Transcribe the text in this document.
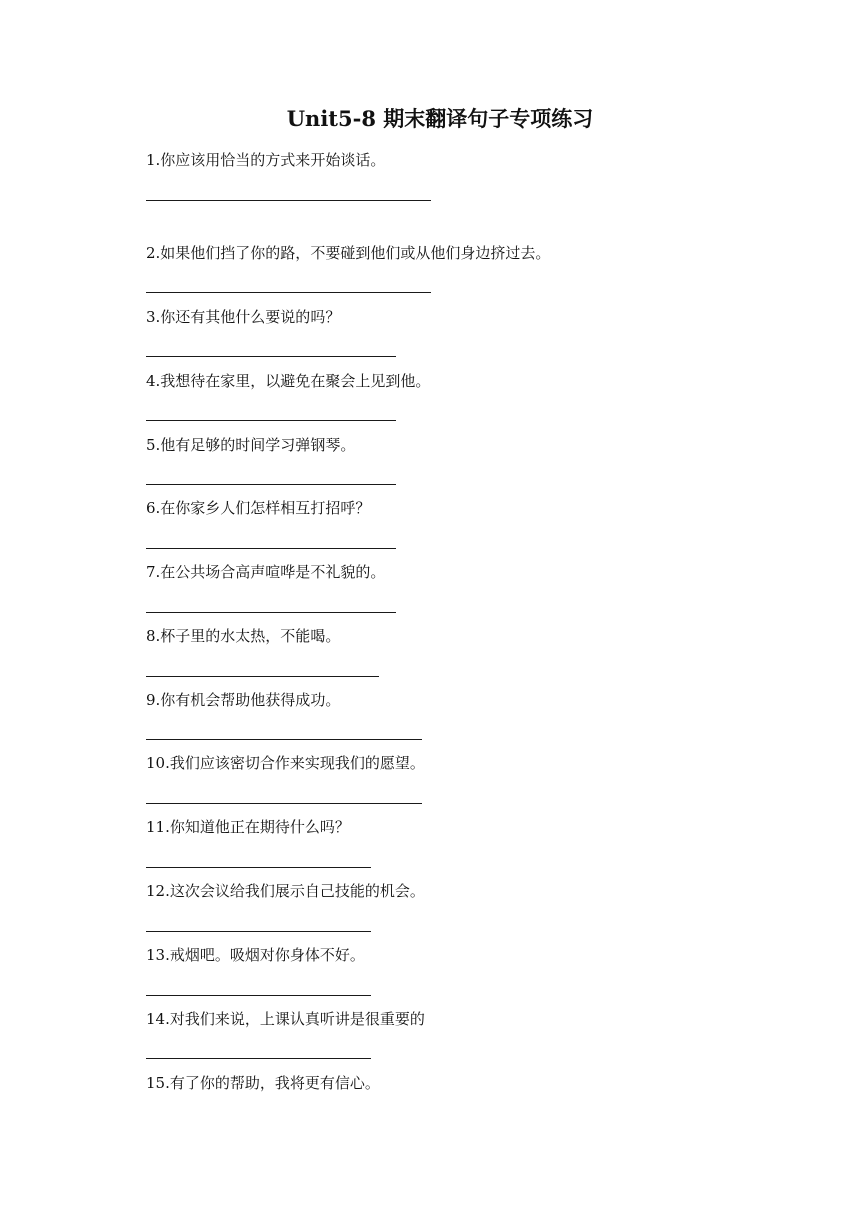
Unit5-8 期末翻译句子专项练习
1.你应该用恰当的方式来开始谈话。
2.如果他们挡了你的路，不要碰到他们或从他们身边挤过去。
3.你还有其他什么要说的吗？
4.我想待在家里，以避免在聚会上见到他。
5.他有足够的时间学习弹钢琴。
6.在你家乡人们怎样相互打招呼？
7.在公共场合高声喧哗是不礼貌的。
8.杯子里的水太热，不能喝。
9.你有机会帮助他获得成功。
10.我们应该密切合作来实现我们的愿望。
11.你知道他正在期待什么吗？
12.这次会议给我们展示自己技能的机会。
13.戒烟吧。吸烟对你身体不好。
14.对我们来说，上课认真听讲是很重要的
15.有了你的帮助，我将更有信心。
